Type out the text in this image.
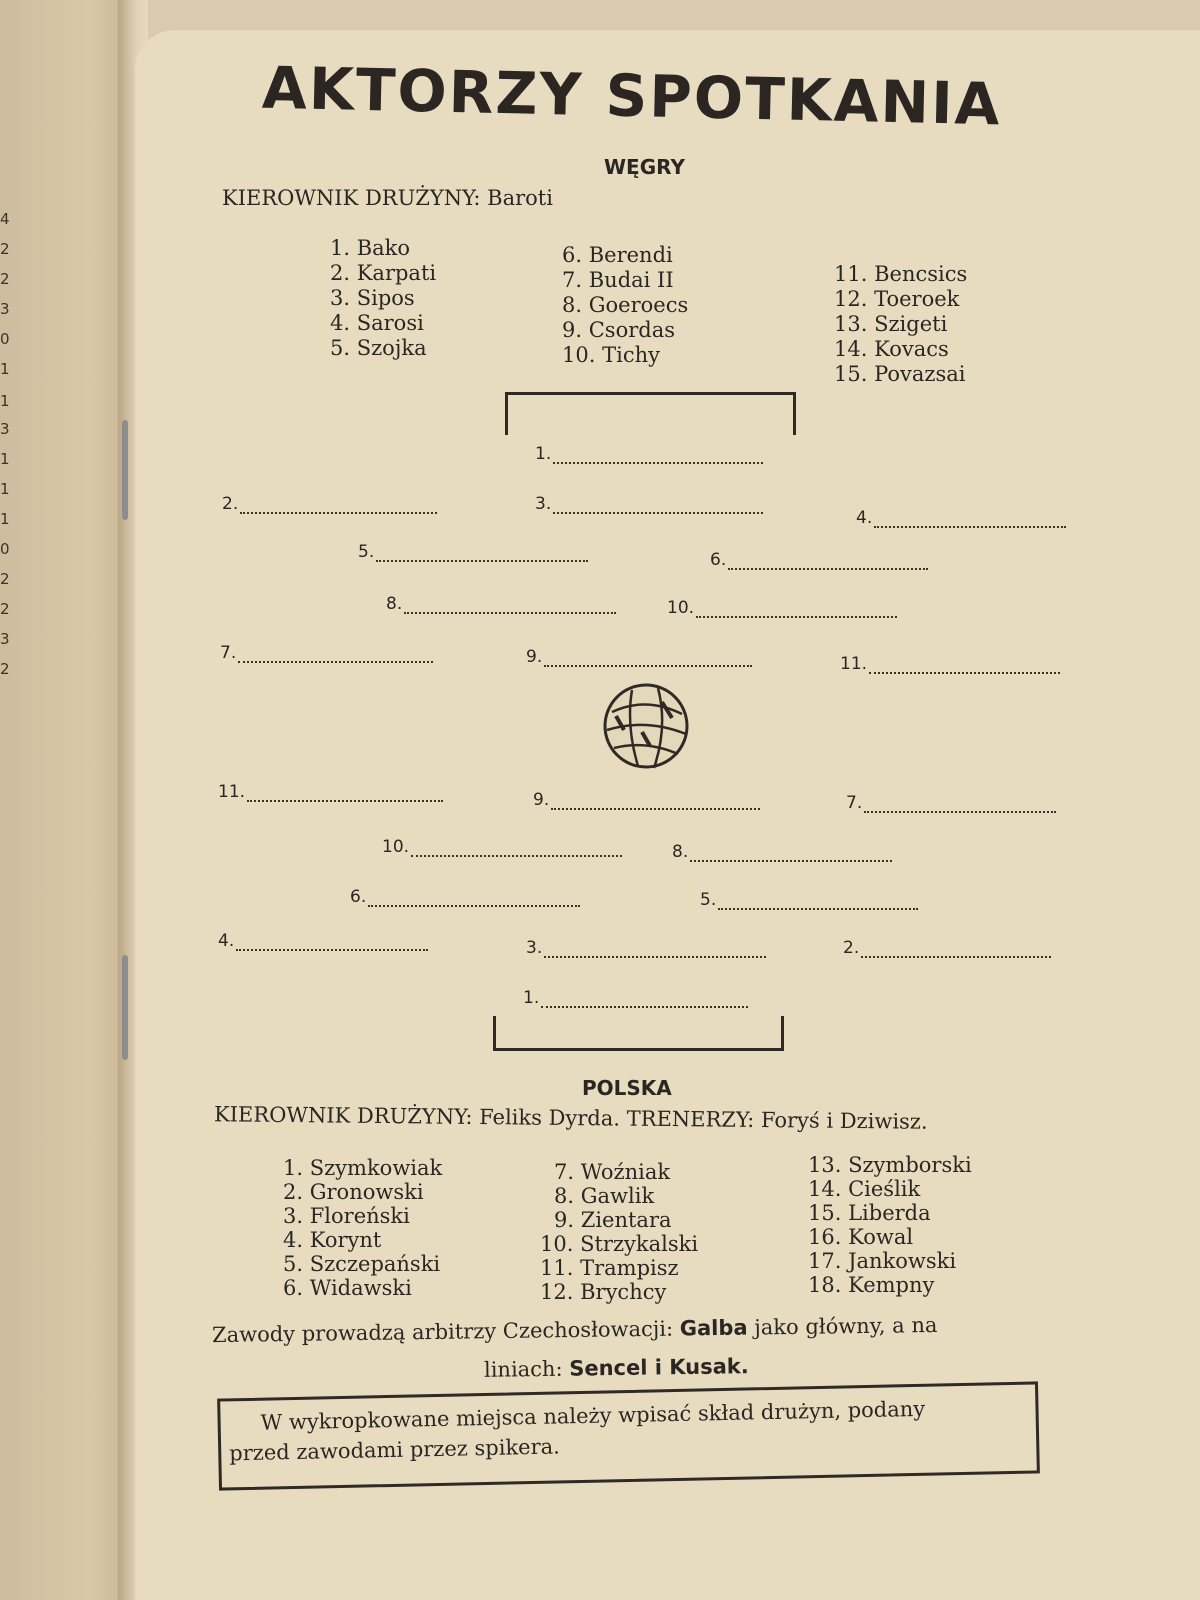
4
2
2
3
0
1
1
3
1
1
1
0
2
2
3
2
AKTORZY SPOTKANIA
WĘGRY
KIEROWNIK DRUŻYNY: Baroti
1. Bako
2. Karpati
3. Sipos
4. Sarosi
5. Szojka
6. Berendi
7. Budai II
8. Goeroecs
9. Csordas
10. Tichy
11. Bencsics
12. Toeroek
13. Szigeti
14. Kovacs
15. Povazsai
1.
2.	3.
4.
5.	6.
8.	10.
7.	9.	11.
11.	9.	7.
10.	8.
6.	5.
4.	3.	2.
1.
POLSKA
KIEROWNIK DRUŻYNY: Feliks Dyrda. TRENERZY: Foryś i Dziwisz.
1. Szymkowiak
2. Gronowski
3. Floreński
4. Korynt
5. Szczepański
6. Widawski
7. Woźniak
8. Gawlik
9. Zientara
10. Strzykalski
11. Trampisz
12. Brychcy
13. Szymborski
14. Cieślik
15. Liberda
16. Kowal
17. Jankowski
18. Kempny
Zawody prowadzą arbitrzy Czechosłowacji: Galba jako główny, a na
liniach: Sencel i Kusak.
W wykropkowane miejsca należy wpisać skład drużyn, podany
przed zawodami przez spikera.
